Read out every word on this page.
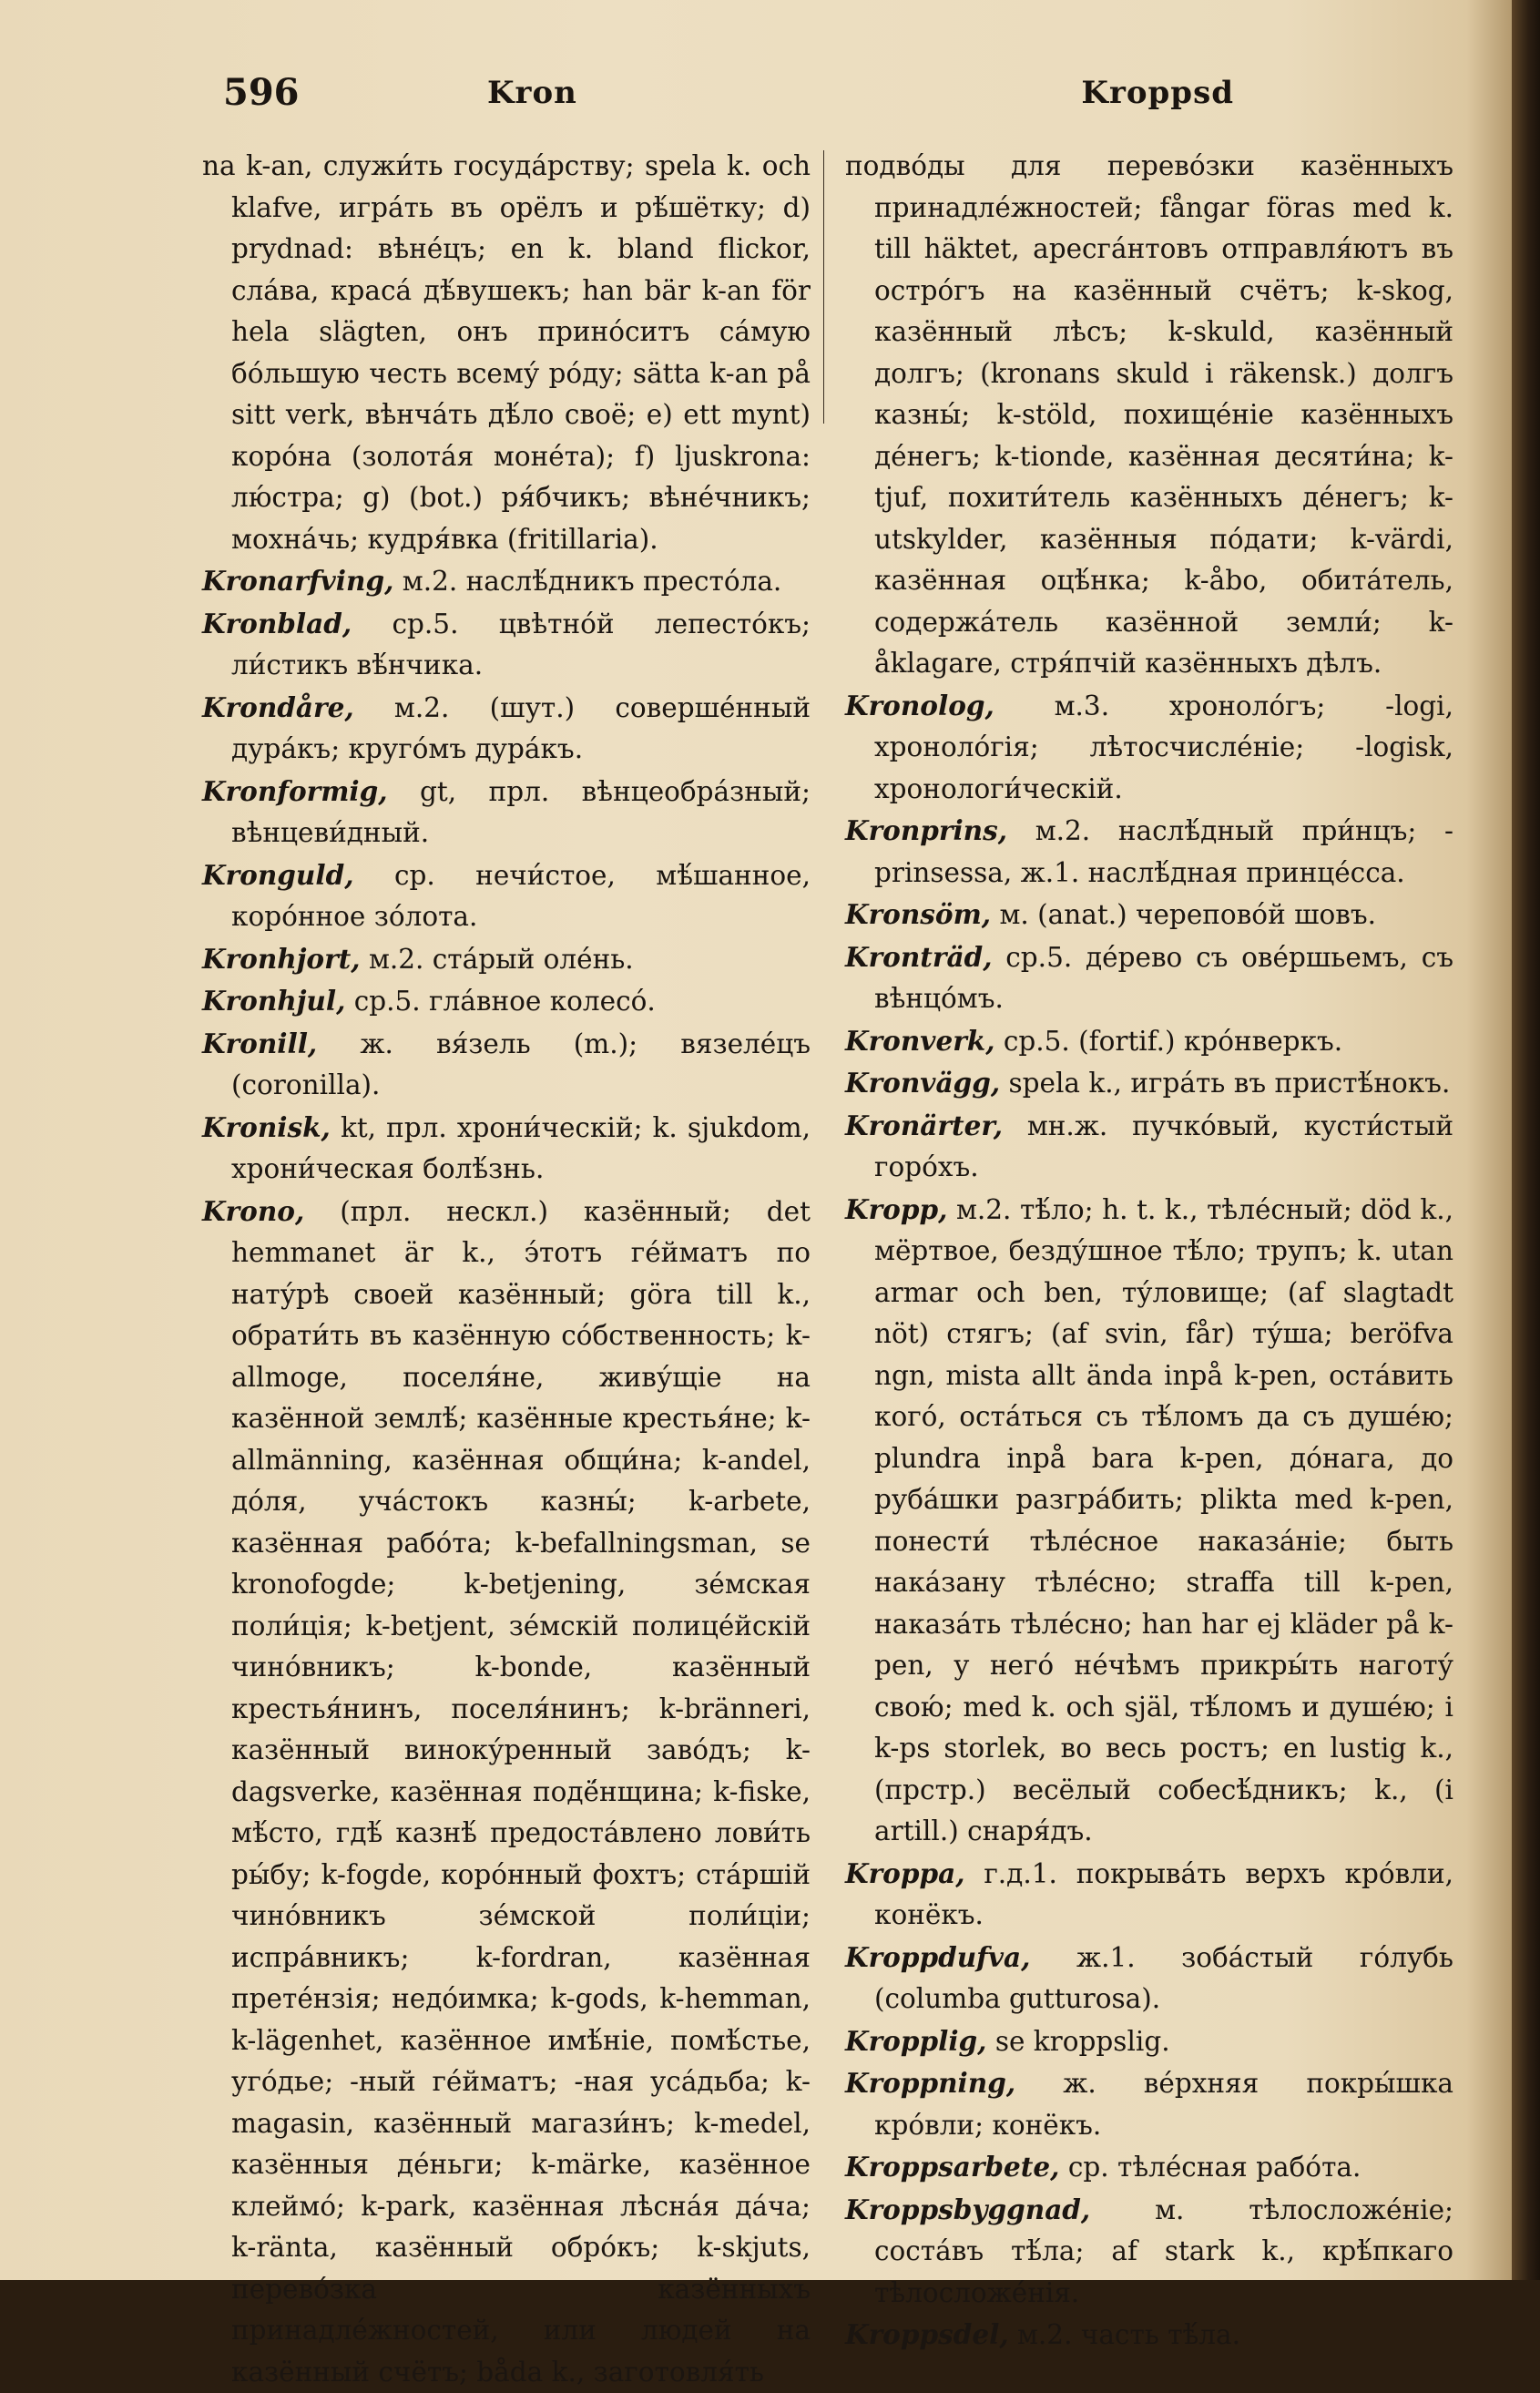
596	Kron	Kroppsd

na k-an, служи́ть госуда́рству; spela k. och klafve, игра́ть въ орёлъ и рѣ́шётку; d) prydnad: вѣне́цъ; en k. bland flickor, сла́ва, краса́ дѣ́вушекъ; han bär k-an för hela slägten, онъ прино́ситъ са́мую бо́льшую честь всему́ ро́ду; sätta k-an på sitt verk, вѣнча́ть дѣ́ло своё; e) ett mynt) коро́на (золота́я моне́та); f) ljuskrona: лю́стра; g) (bot.) ря́бчикъ; вѣне́чникъ; мохна́чь; кудря́вка (fritillaria).

Kronarfving, м.2. наслѣ́дникъ престо́ла.

Kronblad, ср.5. цвѣтно́й лепесто́къ; ли́стикъ вѣ́нчика.

Krondåre, м.2. (шут.) соверше́нный дура́къ; круго́мъ дура́къ.

Kronformig, gt, прл. вѣнцеобра́зный; вѣнцеви́дный.

Kronguld, ср. нечи́стое, мѣ́шанное, коро́нное зо́лота.

Kronhjort, м.2. ста́рый оле́нь.

Kronhjul, ср.5. гла́вное колесо́.

Kronill, ж. вя́зель (m.); вязеле́цъ (coronilla).

Kronisk, kt, прл. хрони́ческій; k. sjukdom, хрони́ческая болѣ́знь.

Krono, (прл. нескл.) казённый; det hemmanet är k., э́тотъ ге́йматъ по нату́рѣ своей казённый; göra till k., обрати́ть въ казённую со́бственность; k-allmoge, поселя́не, живу́щіе на казённой землѣ́; казённые крестья́не; k-allmänning, казённая общи́на; k-andel, до́ля, уча́стокъ казны́; k-arbete, казённая рабо́та; k-befallningsman, se kronofogde; k-betjening, зе́мская поли́ція; k-betjent, зе́мскій полице́йскій чино́вникъ; k-bonde, казённый крестья́нинъ, поселя́нинъ; k-brännerі, казённый виноку́ренный заво́дъ; k-dagsverke, казённая подё́нщина; k-fiske, мѣ́сто, гдѣ́ казнѣ́ предоста́влено лови́ть ры́бу; k-fogde, коро́нный фохтъ; ста́ршій чино́вникъ зе́мской поли́ціи; испра́вникъ; k-fordran, казённая прете́нзія; недо́имка; k-gods, k-hemman, k-lägenhet, казённое имѣ́ніе, помѣ́стье, уго́дье; -ный ге́йматъ; -ная уса́дьба; k-magasin, казённый магази́нъ; k-medel, казённыя де́ньги; k-märke, казённое клеймо́; k-park, казённая лѣсна́я да́ча; k-ränta, казённый обро́къ; k-skjuts, перево́зка казённыхъ принадле́жностей, или людей на казённый счётъ; båda k., заготовля́ть

подво́ды для перево́зки казённыхъ принадле́жностей; fångar föras med k. till häktet, аресга́нтовъ отправля́ютъ въ остро́гъ на казённый счётъ; k-skog, казённый лѣсъ; k-skuld, казённый долгъ; (kronans skuld i räkensk.) долгъ казны́; k-stöld, похище́ніе казённыхъ де́негъ; k-tionde, казённая десяти́на; k-tjuf, похити́тель казённыхъ де́негъ; k-utskylder, казённыя по́дати; k-värdi, казённая оцѣ́нка; k-åbo, обита́тель, содержа́тель казённой земли́; k-åklagare, стря́пчій казённыхъ дѣлъ.

Kronolog, м.3. хроноло́гъ; -logi, хроноло́гія; лѣтосчисле́ніе; -logisk, хронологи́ческій.

Kronprins, м.2. наслѣ́дный при́нцъ; -prinsessa, ж.1. наслѣ́дная принце́сса.

Kronsöm, м. (anat.) черепово́й шовъ.

Kronträd, ср.5. де́рево съ ове́ршьемъ, съ вѣнцо́мъ.

Kronverk, ср.5. (fortif.) кро́нверкъ.

Kronvägg, spela k., игра́ть въ пристѣ́нокъ.

Kronärter, мн.ж. пучко́вый, кусти́стый горо́хъ.

Kropp, м.2. тѣ́ло; h. t. k., тѣле́сный; död k., мёртвое, безду́шное тѣ́ло; трупъ; k. utan armar och ben, ту́ловище; (af slagtadt nöt) стягъ; (af svin, får) ту́ша; beröfva ngn, mista allt ända inpå k-pen, оста́вить кого́, оста́ться съ тѣ́ломъ да съ душе́ю; plundra inpå bara k-pen, до́нага, до руба́шки разгра́бить; plikta med k-pen, понести́ тѣле́сное наказа́ніе; быть нака́зану тѣле́сно; straffa till k-pen, наказа́ть тѣле́сно; han har ej kläder på k-pen, у него́ не́чѣмъ прикры́ть наготу́ свою́; med k. och själ, тѣ́ломъ и душе́ю; i k-ps storlek, во весь ростъ; en lustig k., (прстр.) весёлый собесѣ́дникъ; k., (i artill.) снаря́дъ.

Kroppa, г.д.1. покрыва́ть верхъ кро́вли, конёкъ.

Kroppdufva, ж.1. зоба́стый го́лубь (columba gutturosa).

Kropplig, se kroppslig.

Kroppning, ж. ве́рхняя покры́шка кро́вли; конёкъ.

Kroppsarbete, ср. тѣле́сная рабо́та.

Kroppsbyggnad, м. тѣлосложе́ніе; соста́въ тѣ́ла; af stark k., крѣ́пкаго тѣлосложе́нія.

Kroppsdel, м.2. часть тѣ́ла.
